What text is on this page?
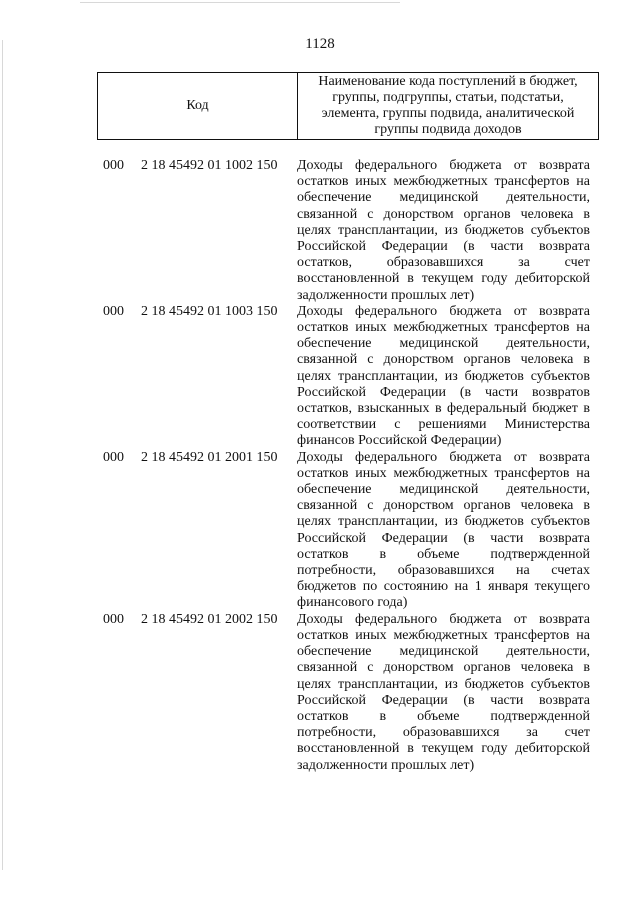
1128
Код
Наименование кода поступлений в бюджет, группы, подгруппы, статьи, подстатьи, элемента, группы подвида, аналитической группы подвида доходов
000	2 18 45492 01 1002 150	Доходы федерального бюджета от возврата остатков иных межбюджетных трансфертов на обеспечение медицинской деятельности, связанной с донорством органов человека в целях трансплантации, из бюджетов субъектов Российской Федерации (в части возврата остатков, образовавшихся за счет восстановленной в текущем году дебиторской задолженности прошлых лет)
000	2 18 45492 01 1003 150	Доходы федерального бюджета от возврата остатков иных межбюджетных трансфертов на обеспечение медицинской деятельности, связанной с донорством органов человека в целях трансплантации, из бюджетов субъектов Российской Федерации (в части возвратов остатков, взысканных в федеральный бюджет в соответствии с решениями Министерства финансов Российской Федерации)
000	2 18 45492 01 2001 150	Доходы федерального бюджета от возврата остатков иных межбюджетных трансфертов на обеспечение медицинской деятельности, связанной с донорством органов человека в целях трансплантации, из бюджетов субъектов Российской Федерации (в части возврата остатков в объеме подтвержденной потребности, образовавшихся на счетах бюджетов по состоянию на 1 января текущего финансового года)
000	2 18 45492 01 2002 150	Доходы федерального бюджета от возврата остатков иных межбюджетных трансфертов на обеспечение медицинской деятельности, связанной с донорством органов человека в целях трансплантации, из бюджетов субъектов Российской Федерации (в части возврата остатков в объеме подтвержденной потребности, образовавшихся за счет восстановленной в текущем году дебиторской задолженности прошлых лет)
